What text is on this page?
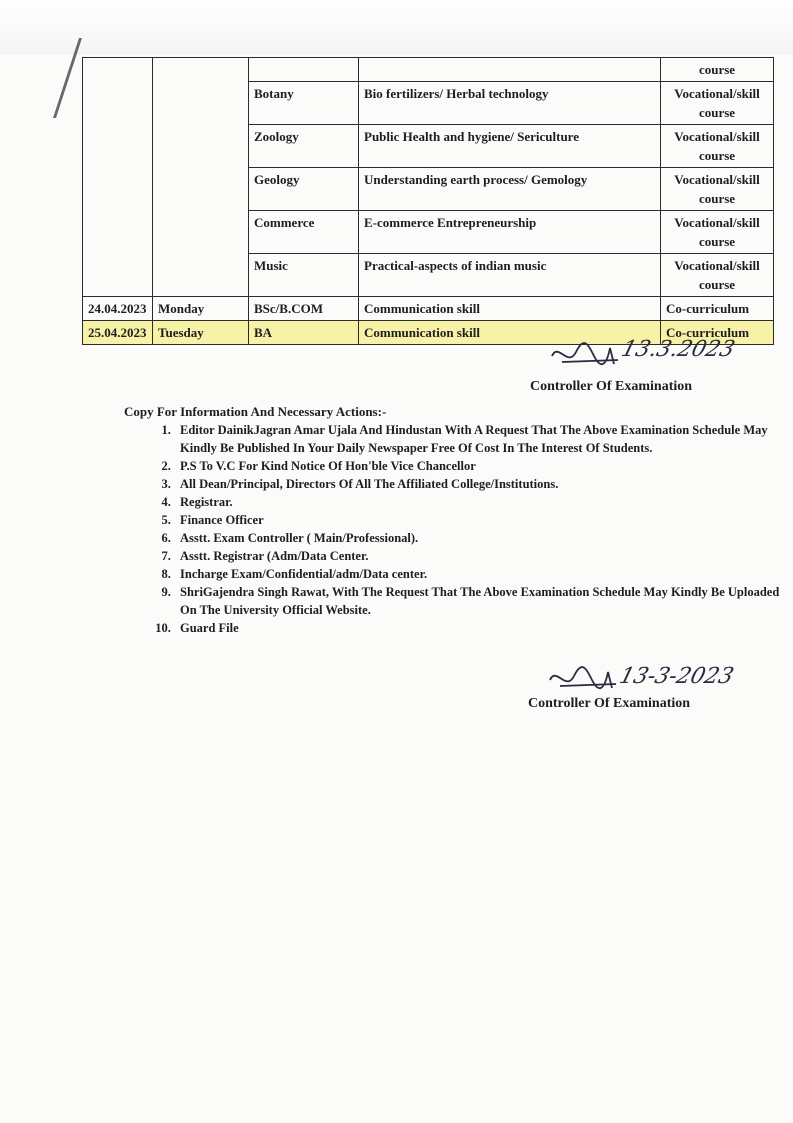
				course
		Botany	Bio fertilizers/ Herbal technology	Vocational/skill course
		Zoology	Public Health and hygiene/ Sericulture	Vocational/skill course
		Geology	Understanding earth process/ Gemology	Vocational/skill course
		Commerce	E-commerce Entrepreneurship	Vocational/skill course
		Music	Practical-aspects of indian music	Vocational/skill course
24.04.2023	Monday	BSc/B.COM	Communication skill	Co-curriculum
25.04.2023	Tuesday	BA	Communication skill	Co-curriculum
13.3.2023
Controller Of Examination
Copy For Information And Necessary Actions:-
1. Editor DainikJagran Amar Ujala And Hindustan With A Request That The Above Examination Schedule May Kindly Be Published In Your Daily Newspaper Free Of Cost In The Interest Of Students.
2. P.S To V.C For Kind Notice Of Hon'ble Vice Chancellor
3. All Dean/Principal, Directors Of All The Affiliated College/Institutions.
4. Registrar.
5. Finance Officer
6. Asstt. Exam Controller ( Main/Professional).
7. Asstt. Registrar (Adm/Data Center.
8. Incharge Exam/Confidential/adm/Data center.
9. ShriGajendra Singh Rawat, With The Request That The Above Examination Schedule May Kindly Be Uploaded On The University Official Website.
10. Guard File
13-3-2023
Controller Of Examination
